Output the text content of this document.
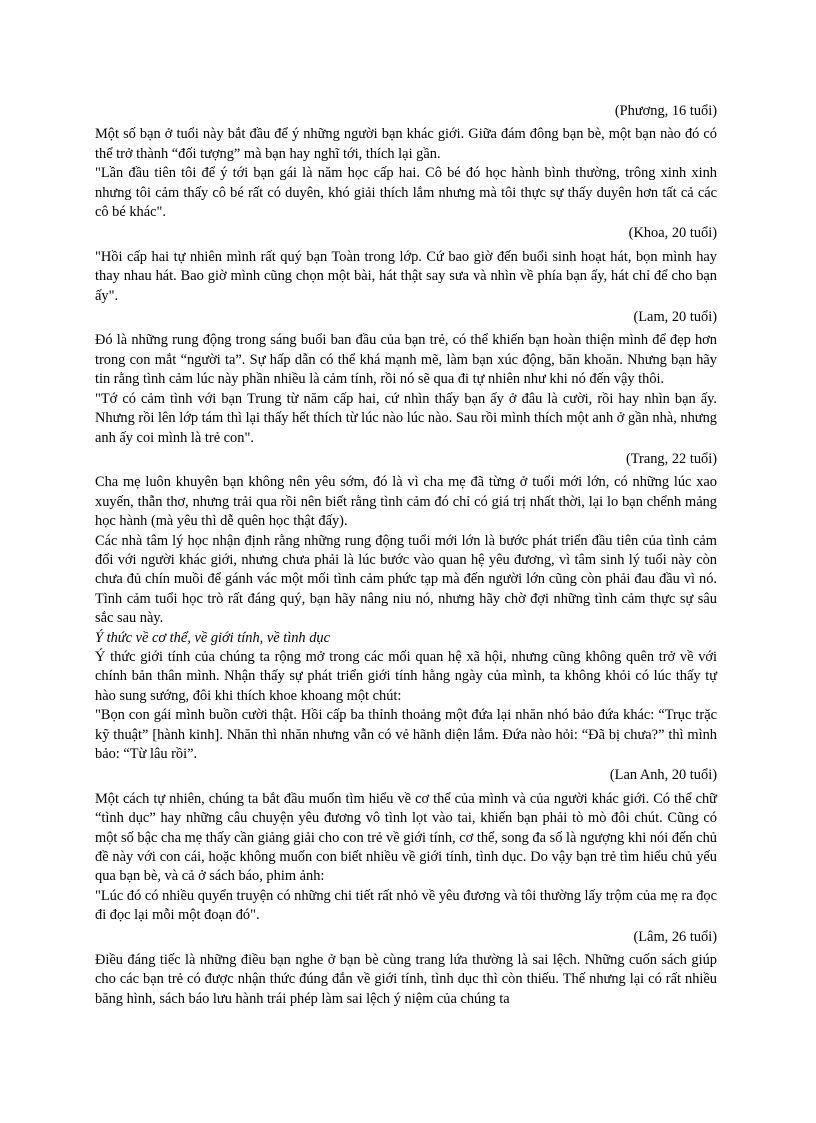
(Phương, 16 tuổi)

Một số bạn ở tuổi này bắt đầu để ý những người bạn khác giới. Giữa đám đông bạn bè, một bạn nào đó có thể trở thành “đối tượng” mà bạn hay nghĩ tới, thích lại gần.

"Lần đầu tiên tôi để ý tới bạn gái là năm học cấp hai. Cô bé đó học hành bình thường, trông xinh xinh nhưng tôi cảm thấy cô bé rất có duyên, khó giải thích lắm nhưng mà tôi thực sự thấy duyên hơn tất cả các cô bé khác".

(Khoa, 20 tuổi)

"Hồi cấp hai tự nhiên mình rất quý bạn Toàn trong lớp. Cứ bao giờ đến buổi sinh hoạt hát, bọn mình hay thay nhau hát. Bao giờ mình cũng chọn một bài, hát thật say sưa và nhìn về phía bạn ấy, hát chỉ để cho bạn ấy".

(Lam, 20 tuổi)

Đó là những rung động trong sáng buổi ban đầu của bạn trẻ, có thể khiến bạn hoàn thiện mình để đẹp hơn trong con mắt “người ta”. Sự hấp dẫn có thể khá mạnh mẽ, làm bạn xúc động, băn khoăn. Nhưng bạn hãy tin rằng tình cảm lúc này phần nhiều là cảm tính, rồi nó sẽ qua đi tự nhiên như khi nó đến vậy thôi.

"Tớ có cảm tình với bạn Trung từ năm cấp hai, cứ nhìn thấy bạn ấy ở đâu là cười, rồi hay nhìn bạn ấy. Nhưng rồi lên lớp tám thì lại thấy hết thích từ lúc nào lúc nào. Sau rồi mình thích một anh ở gần nhà, nhưng anh ấy coi mình là trẻ con".

(Trang, 22 tuổi)

Cha mẹ luôn khuyên bạn không nên yêu sớm, đó là vì cha mẹ đã từng ở tuổi mới lớn, có những lúc xao xuyến, thẫn thơ, nhưng trải qua rồi nên biết rằng tình cảm đó chỉ có giá trị nhất thời, lại lo bạn chểnh mảng học hành (mà yêu thì dễ quên học thật đấy).

Các nhà tâm lý học nhận định rằng những rung động tuổi mới lớn là bước phát triển đầu tiên của tình cảm đối với người khác giới, nhưng chưa phải là lúc bước vào quan hệ yêu đương, vì tâm sinh lý tuổi này còn chưa đủ chín muồi để gánh vác một mối tình cảm phức tạp mà đến người lớn cũng còn phải đau đầu vì nó. Tình cảm tuổi học trò rất đáng quý, bạn hãy nâng niu nó, nhưng hãy chờ đợi những tình cảm thực sự sâu sắc sau này.

Ý thức về cơ thể, về giới tính, về tình dục

Ý thức giới tính của chúng ta rộng mở trong các mối quan hệ xã hội, nhưng cũng không quên trở về với chính bản thân mình. Nhận thấy sự phát triển giới tính hằng ngày của mình, ta không khỏi có lúc thấy tự hào sung sướng, đôi khi thích khoe khoang một chút:

"Bọn con gái mình buồn cười thật. Hồi cấp ba thỉnh thoảng một đứa lại nhăn nhó bảo đứa khác: “Trục trặc kỹ thuật” [hành kinh]. Nhăn thì nhăn nhưng vẫn có vẻ hãnh diện lắm. Đứa nào hỏi: “Đã bị chưa?” thì mình bảo: “Từ lâu rồi”.

(Lan Anh, 20 tuổi)

Một cách tự nhiên, chúng ta bắt đầu muốn tìm hiểu về cơ thể của mình và của người khác giới. Có thể chữ “tình dục” hay những câu chuyện yêu đương vô tình lọt vào tai, khiến bạn phải tò mò đôi chút. Cũng có một số bậc cha mẹ thấy cần giảng giải cho con trẻ về giới tính, cơ thể, song đa số là ngượng khi nói đến chủ đề này với con cái, hoặc không muốn con biết nhiều về giới tính, tình dục. Do vậy bạn trẻ tìm hiểu chủ yếu qua bạn bè, và cả ở sách báo, phim ảnh:

"Lúc đó có nhiều quyển truyện có những chi tiết rất nhỏ về yêu đương và tôi thường lấy trộm của mẹ ra đọc đi đọc lại mỗi một đoạn đó".

(Lâm, 26 tuổi)

Điều đáng tiếc là những điều bạn nghe ở bạn bè cùng trang lứa thường là sai lệch. Những cuốn sách giúp cho các bạn trẻ có được nhận thức đúng đắn về giới tính, tình dục thì còn thiếu. Thế nhưng lại có rất nhiều băng hình, sách báo lưu hành trái phép làm sai lệch ý niệm của chúng ta
